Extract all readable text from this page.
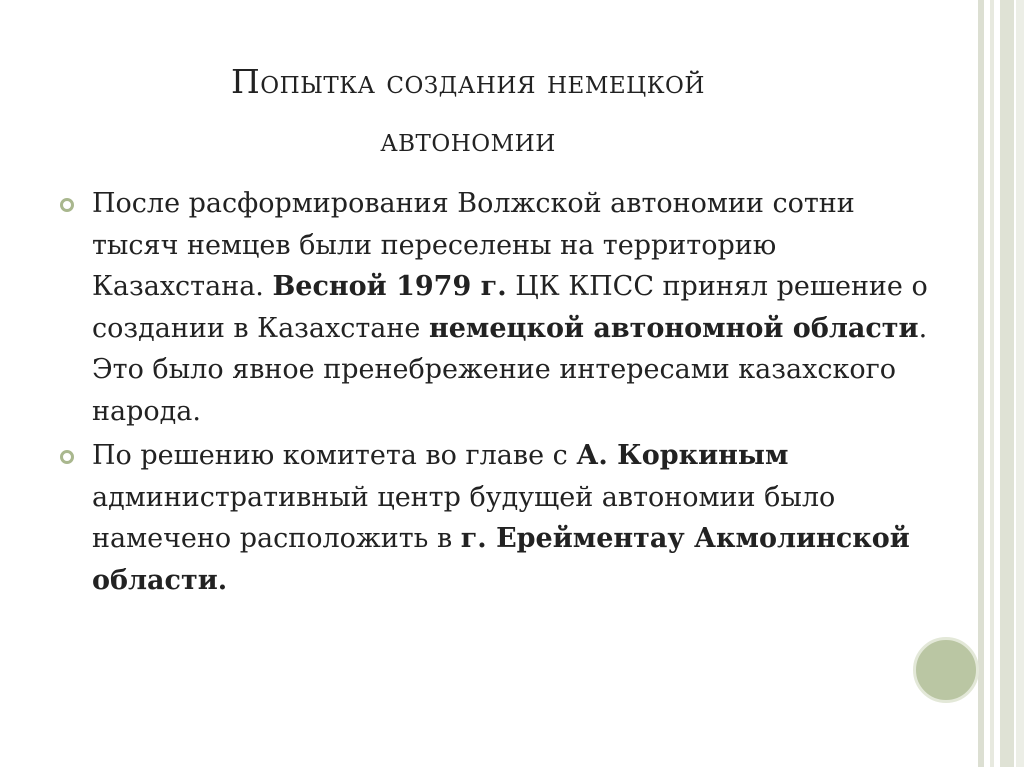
Попытка создания немецкой
автономии
После расформирования Волжской автономии сотни тысяч немцев были переселены на территорию Казахстана. Весной 1979 г. ЦК КПСС принял решение о создании в Казахстане немецкой автономной области. Это было явное пренебрежение интересами казахского народа.
По решению комитета во главе с А. Коркиным административный центр будущей автономии было намечено расположить в г. Ерейментау Акмолинской области.
